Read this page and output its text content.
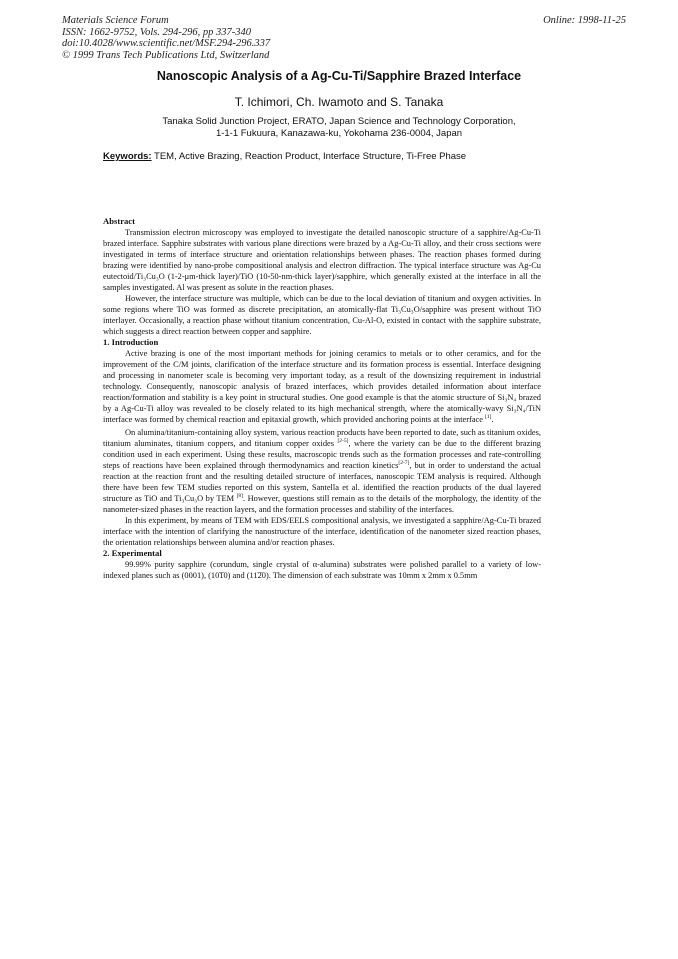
Materials Science Forum
ISSN: 1662-9752, Vols. 294-296, pp 337-340
doi:10.4028/www.scientific.net/MSF.294-296.337
© 1999 Trans Tech Publications Ltd, Switzerland
Online: 1998-11-25
Nanoscopic Analysis of a Ag-Cu-Ti/Sapphire Brazed Interface
T. Ichimori, Ch. Iwamoto and S. Tanaka
Tanaka Solid Junction Project, ERATO, Japan Science and Technology Corporation,
1-1-1 Fukuura, Kanazawa-ku, Yokohama 236-0004, Japan
Keywords: TEM, Active Brazing, Reaction Product, Interface Structure, Ti-Free Phase
Abstract

Transmission electron microscopy was employed to investigate the detailed nanoscopic structure of a sapphire/Ag-Cu-Ti brazed interface. Sapphire substrates with various plane directions were brazed by a Ag-Cu-Ti alloy, and their cross sections were investigated in terms of interface structure and orientation relationships between phases. The reaction phases formed during brazing were identified by nano-probe compositional analysis and electron diffraction. The typical interface structure was Ag-Cu eutectoid/Ti₃Cu₃O (1-2-μm-thick layer)/TiO (10-50-nm-thick layer)/sapphire, which generally existed at the interface in all the samples investigated. Al was present as solute in the reaction phases.

However, the interface structure was multiple, which can be due to the local deviation of titanium and oxygen activities. In some regions where TiO was formed as discrete precipitation, an atomically-flat Ti₃Cu₃O/sapphire was present without TiO interlayer. Occasionally, a reaction phase without titanium concentration, Cu-Al-O, existed in contact with the sapphire substrate, which suggests a direct reaction between copper and sapphire.

1. Introduction

Active brazing is one of the most important methods for joining ceramics to metals or to other ceramics, and for the improvement of the C/M joints, clarification of the interface structure and its formation process is essential. Interface designing and processing in nanometer scale is becoming very important today, as a result of the downsizing requirement in industrial technology. Consequently, nanoscopic analysis of brazed interfaces, which provides detailed information about interface reaction/formation and stability is a key point in structural studies. One good example is that the atomic structure of Si₃N₄ brazed by a Ag-Cu-Ti alloy was revealed to be closely related to its high mechanical strength, where the atomically-wavy Si₃N₄/TiN interface was formed by chemical reaction and epitaxial growth, which provided anchoring points at the interface [1].

On alumina/titanium-containing alloy system, various reaction products have been reported to date, such as titanium oxides, titanium aluminates, titanium coppers, and titanium copper oxides [2-5], where the variety can be due to the different brazing condition used in each experiment. Using these results, macroscopic trends such as the formation processes and rate-controlling steps of reactions have been explained through thermodynamics and reaction kinetics[2-7], but in order to understand the actual reaction at the reaction front and the resulting detailed structure of interfaces, nanoscopic TEM analysis is required. Although there have been few TEM studies reported on this system, Santella et al. identified the reaction products of the dual layered structure as TiO and Ti₃Cu₃O by TEM [8]. However, questions still remain as to the details of the morphology, the identity of the nanometer-sized phases in the reaction layers, and the formation processes and stability of the interfaces.

In this experiment, by means of TEM with EDS/EELS compositional analysis, we investigated a sapphire/Ag-Cu-Ti brazed interface with the intention of clarifying the nanostructure of the interface, identification of the nanometer sized reaction phases, the orientation relationships between alumina and/or reaction phases.

2. Experimental

99.99% purity sapphire (corundum, single crystal of α-alumina) substrates were polished parallel to a variety of low-indexed planes such as (0001), (10͞10) and (11͞20). The dimension of each substrate was 10mm x 2mm x 0.5mm
